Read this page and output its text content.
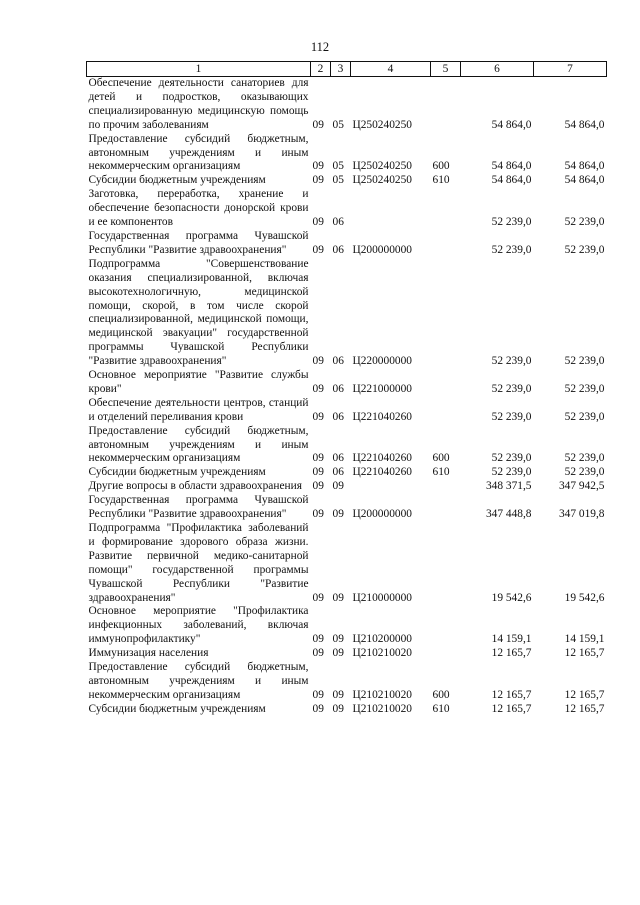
112
1	2	3	4	5	6	7
Обеспечение деятельности санаториев для детей и подростков, оказывающих специализированную медицинскую помощь по прочим заболеваниям	09	05	Ц250240250		54 864,0	54 864,0
Предоставление субсидий бюджетным, автономным учреждениям и иным некоммерческим организациям	09	05	Ц250240250	600	54 864,0	54 864,0
Субсидии бюджетным учреждениям	09	05	Ц250240250	610	54 864,0	54 864,0
Заготовка, переработка, хранение и обеспечение безопасности донорской крови и ее компонентов	09	06			52 239,0	52 239,0
Государственная программа Чувашской Республики "Развитие здравоохранения"	09	06	Ц200000000		52 239,0	52 239,0
Подпрограмма "Совершенствование оказания специализированной, включая высокотехнологичную, медицинской помощи, скорой, в том числе скорой специализированной, медицинской помощи, медицинской эвакуации" государственной программы Чувашской Республики "Развитие здравоохранения"	09	06	Ц220000000		52 239,0	52 239,0
Основное мероприятие "Развитие службы крови"	09	06	Ц221000000		52 239,0	52 239,0
Обеспечение деятельности центров, станций и отделений переливания крови	09	06	Ц221040260		52 239,0	52 239,0
Предоставление субсидий бюджетным, автономным учреждениям и иным некоммерческим организациям	09	06	Ц221040260	600	52 239,0	52 239,0
Субсидии бюджетным учреждениям	09	06	Ц221040260	610	52 239,0	52 239,0
Другие вопросы в области здравоохранения	09	09			348 371,5	347 942,5
Государственная программа Чувашской Республики "Развитие здравоохранения"	09	09	Ц200000000		347 448,8	347 019,8
Подпрограмма "Профилактика заболеваний и формирование здорового образа жизни. Развитие первичной медико-санитарной помощи" государственной программы Чувашской Республики "Развитие здравоохранения"	09	09	Ц210000000		19 542,6	19 542,6
Основное мероприятие "Профилактика инфекционных заболеваний, включая иммунопрофилактику"	09	09	Ц210200000		14 159,1	14 159,1
Иммунизация населения	09	09	Ц210210020		12 165,7	12 165,7
Предоставление субсидий бюджетным, автономным учреждениям и иным некоммерческим организациям	09	09	Ц210210020	600	12 165,7	12 165,7
Субсидии бюджетным учреждениям	09	09	Ц210210020	610	12 165,7	12 165,7
